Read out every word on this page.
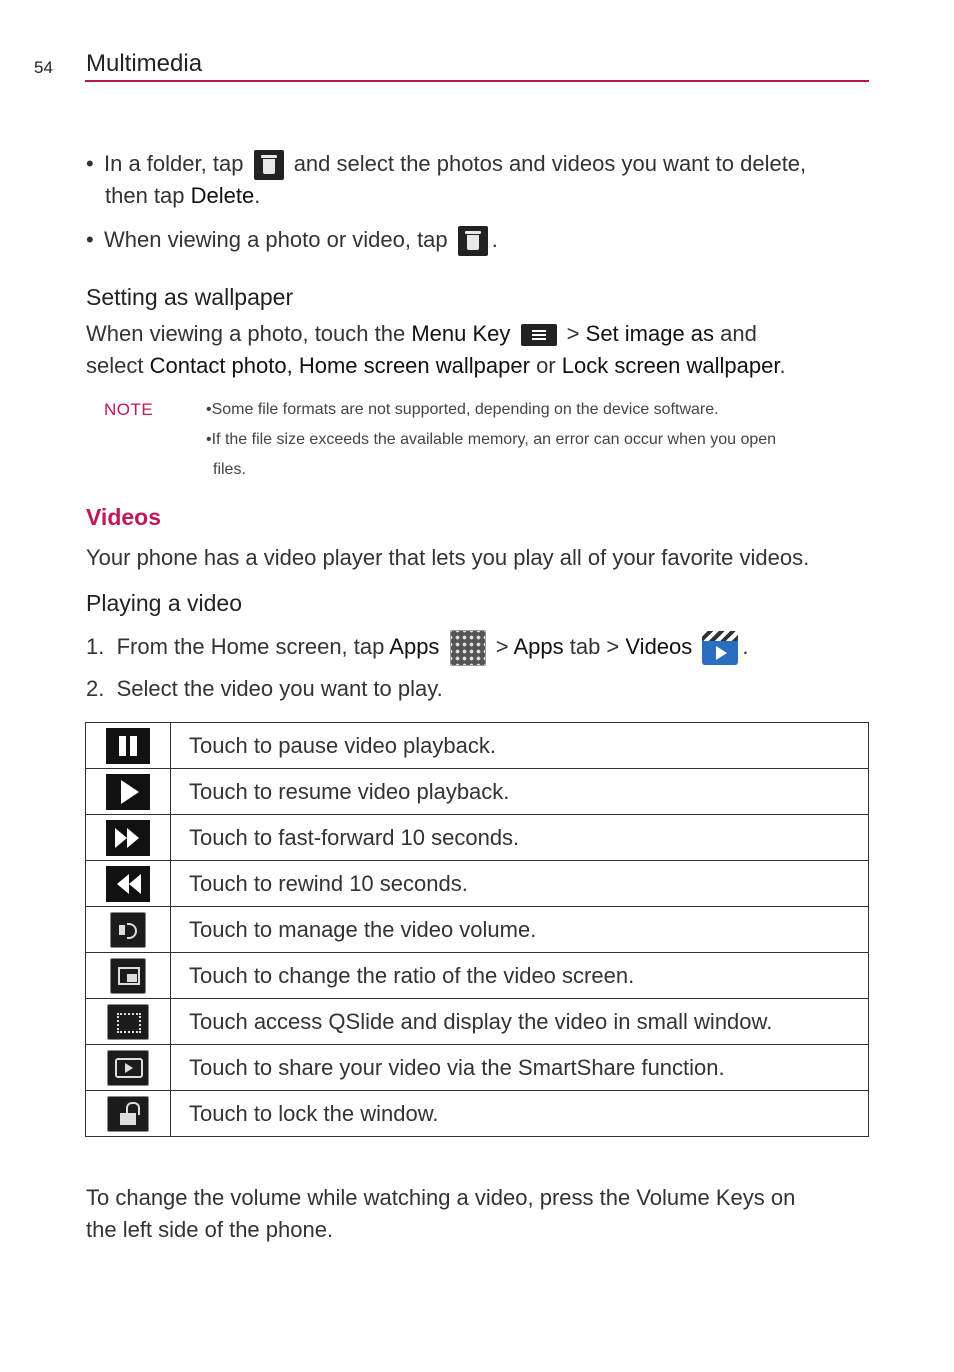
54 Multimedia
• In a folder, tap and select the photos and videos you want to delete,
then tap Delete.
• When viewing a photo or video, tap .
Setting as wallpaper
When viewing a photo, touch the Menu Key	> Set image as and
select Contact photo, Home screen wallpaper or Lock screen wallpaper.
NOTE	•Some file formats are not supported, depending on the device software.
•If the file size exceeds the available memory, an error can occur when you open
files.
Videos
Your phone has a video player that lets you play all of your favorite videos.
Playing a video
1. From the Home screen, tap Apps	> Apps tab > Videos .
2. Select the video you want to play.
	Touch to pause video playback.
	Touch to resume video playback.
	Touch to fast-forward 10 seconds.
	Touch to rewind 10 seconds.
	Touch to manage the video volume.
	Touch to change the ratio of the video screen.
	Touch access QSlide and display the video in small window.
	Touch to share your video via the SmartShare function.
	Touch to lock the window.
To change the volume while watching a video, press the Volume Keys on
the left side of the phone.
